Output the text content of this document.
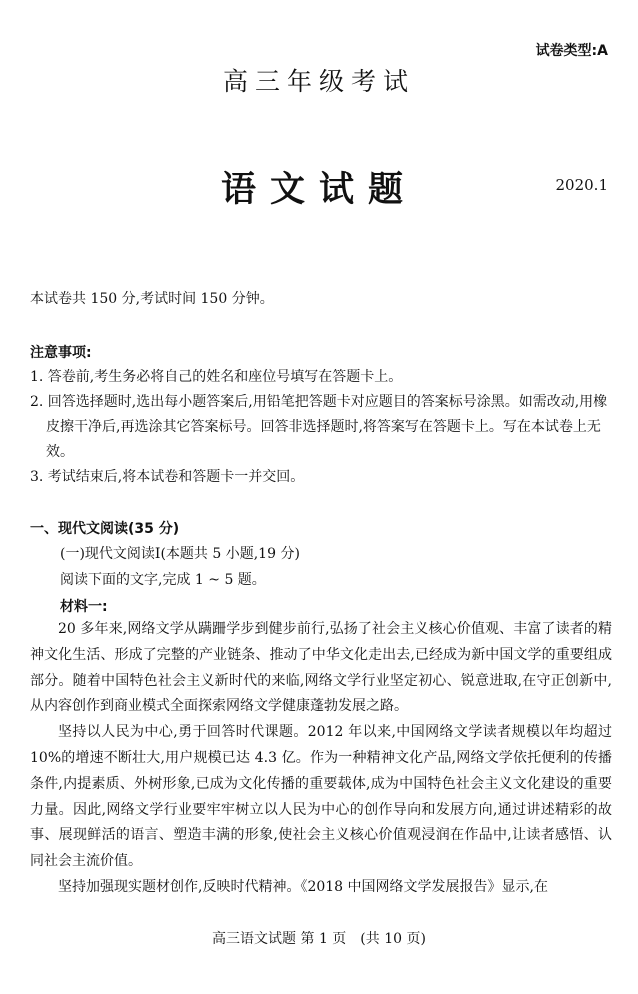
试卷类型:A
高三年级考试
语文试题	2020.1
本试卷共 150 分,考试时间 150 分钟。
注意事项:
1. 答卷前,考生务必将自己的姓名和座位号填写在答题卡上。
2. 回答选择题时,选出每小题答案后,用铅笔把答题卡对应题目的答案标号涂黑。如需改动,用橡皮擦干净后,再选涂其它答案标号。回答非选择题时,将答案写在答题卡上。写在本试卷上无效。
3. 考试结束后,将本试卷和答题卡一并交回。
一、现代文阅读(35 分)
(一)现代文阅读Ⅰ(本题共 5 小题,19 分)
阅读下面的文字,完成 1 ~ 5 题。
材料一:

20 多年来,网络文学从蹒跚学步到健步前行,弘扬了社会主义核心价值观、丰富了读者的精神文化生活、形成了完整的产业链条、推动了中华文化走出去,已经成为新中国文学的重要组成部分。随着中国特色社会主义新时代的来临,网络文学行业坚定初心、锐意进取,在守正创新中,从内容创作到商业模式全面探索网络文学健康蓬勃发展之路。

坚持以人民为中心,勇于回答时代课题。2012 年以来,中国网络文学读者规模以年均超过 10%的增速不断壮大,用户规模已达 4.3 亿。作为一种精神文化产品,网络文学依托便利的传播条件,内提素质、外树形象,已成为文化传播的重要载体,成为中国特色社会主义文化建设的重要力量。因此,网络文学行业要牢牢树立以人民为中心的创作导向和发展方向,通过讲述精彩的故事、展现鲜活的语言、塑造丰满的形象,使社会主义核心价值观浸润在作品中,让读者感悟、认同社会主流价值。

坚持加强现实题材创作,反映时代精神。《2018 中国网络文学发展报告》显示,在

高三语文试题 第 1 页　(共 10 页)
